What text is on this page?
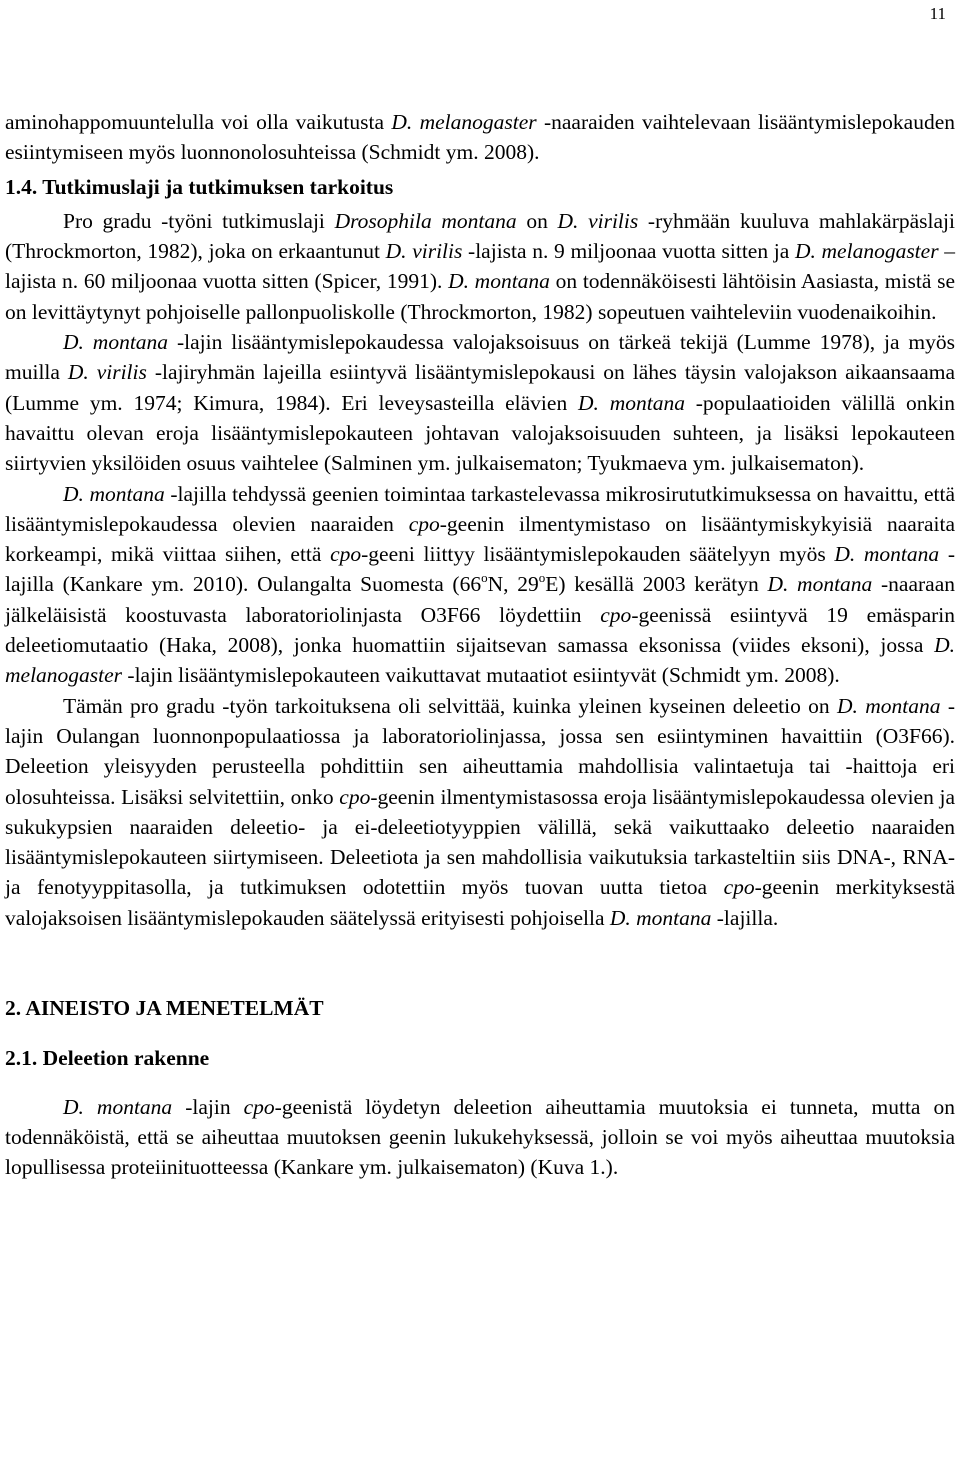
11

aminohappomuuntelulla voi olla vaikutusta D. melanogaster -naaraiden vaihtelevaan lisääntymislepokauden esiintymiseen myös luonnonolosuhteissa (Schmidt ym. 2008).

1.4. Tutkimuslaji ja tutkimuksen tarkoitus

Pro gradu -työni tutkimuslaji Drosophila montana on D. virilis -ryhmään kuuluva mahlakärpäslaji (Throckmorton, 1982), joka on erkaantunut D. virilis -lajista n. 9 miljoonaa vuotta sitten ja D. melanogaster – lajista n. 60 miljoonaa vuotta sitten (Spicer, 1991). D. montana on todennäköisesti lähtöisin Aasiasta, mistä se on levittäytynyt pohjoiselle pallonpuoliskolle (Throckmorton, 1982) sopeutuen vaihteleviin vuodenaikoihin.

D. montana -lajin lisääntymislepokaudessa valojaksoisuus on tärkeä tekijä (Lumme 1978), ja myös muilla D. virilis -lajiryhmän lajeilla esiintyvä lisääntymislepokausi on lähes täysin valojakson aikaansaama (Lumme ym. 1974; Kimura, 1984). Eri leveysasteilla elävien D. montana -populaatioiden välillä onkin havaittu olevan eroja lisääntymislepokauteen johtavan valojaksoisuuden suhteen, ja lisäksi lepokauteen siirtyvien yksilöiden osuus vaihtelee (Salminen ym. julkaisematon; Tyukmaeva ym. julkaisematon).

D. montana -lajilla tehdyssä geenien toimintaa tarkastelevassa mikrosirututkimuksessa on havaittu, että lisääntymislepokaudessa olevien naaraiden cpo-geenin ilmentymistaso on lisääntymiskykyisiä naaraita korkeampi, mikä viittaa siihen, että cpo-geeni liittyy lisääntymislepokauden säätelyyn myös D. montana -lajilla (Kankare ym. 2010). Oulangalta Suomesta (66$^o$N, 29$^o$E) kesällä 2003 kerätyn D. montana -naaraan jälkeläisistä koostuvasta laboratoriolinjasta O3F66 löydettiin cpo-geenissä esiintyvä 19 emäsparin deleetiomutaatio (Haka, 2008), jonka huomattiin sijaitsevan samassa eksonissa (viides eksoni), jossa D. melanogaster -lajin lisääntymislepokauteen vaikuttavat mutaatiot esiintyvät (Schmidt ym. 2008).

Tämän pro gradu -työn tarkoituksena oli selvittää, kuinka yleinen kyseinen deleetio on D. montana -lajin Oulangan luonnonpopulaatiossa ja laboratoriolinjassa, jossa sen esiintyminen havaittiin (O3F66). Deleetion yleisyyden perusteella pohdittiin sen aiheuttamia mahdollisia valintaetuja tai -haittoja eri olosuhteissa. Lisäksi selvitettiin, onko cpo-geenin ilmentymistasossa eroja lisääntymislepokaudessa olevien ja sukukypsien naaraiden deleetio- ja ei-deleetiotyyppien välillä, sekä vaikuttaako deleetio naaraiden lisääntymislepokauteen siirtymiseen. Deleetiota ja sen mahdollisia vaikutuksia tarkasteltiin siis DNA-, RNA- ja fenotyyppitasolla, ja tutkimuksen odotettiin myös tuovan uutta tietoa cpo-geenin merkityksestä valojaksoisen lisääntymislepokauden säätelyssä erityisesti pohjoisella D. montana -lajilla.

2. AINEISTO JA MENETELMÄT

2.1. Deleetion rakenne

D. montana -lajin cpo-geenistä löydetyn deleetion aiheuttamia muutoksia ei tunneta, mutta on todennäköistä, että se aiheuttaa muutoksen geenin lukukehyksessä, jolloin se voi myös aiheuttaa muutoksia lopullisessa proteiinituotteessa (Kankare ym. julkaisematon) (Kuva 1.).
